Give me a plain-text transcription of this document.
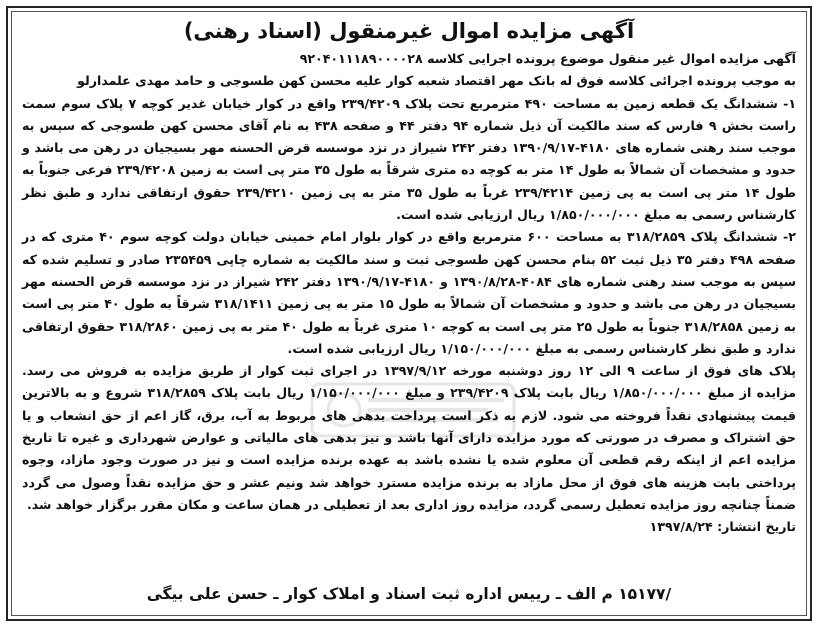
آگهی مزایده اموال غیرمنقول (اسناد رهنی)

آگهی مزایده اموال غیر منقول موضوع پرونده اجرایی کلاسه ۹۲۰۴۰۱۱۱۸۹۰۰۰۰۲۸

به موجب پرونده اجرائی کلاسه فوق له بانک مهر اقتصاد شعبه کوار علیه محسن کهن طسوجی و حامد مهدی علمدارلو

۱- ششدانگ یک قطعه زمین به مساحت ۴۹۰ مترمربع تحت پلاک ۲۳۹/۴۲۰۹ واقع در کوار خیابان غدیر کوچه ۷ پلاک سوم سمت راست بخش ۹ فارس که سند مالکیت آن ذیل شماره ۹۴ دفتر ۴۴ و صفحه ۴۳۸ به نام آقای محسن کهن طسوجی که سپس به موجب سند رهنی شماره های ۴۱۸۰-۱۳۹۰/۹/۱۷ دفتر ۲۴۲ شیراز در نزد موسسه قرض الحسنه مهر بسیجیان در رهن می باشد و حدود و مشخصات آن شمالاً به طول ۱۴ متر به کوچه ده متری شرقاً به طول ۳۵ متر پی است به زمین ۲۳۹/۴۲۰۸ فرعی جنوباً به طول ۱۴ متر پی است به پی زمین ۲۳۹/۴۲۱۴ غرباً به طول ۳۵ متر به پی زمین ۲۳۹/۴۲۱۰ حقوق ارتفاقی ندارد و طبق نظر کارشناس رسمی به مبلغ ۱/۸۵۰/۰۰۰/۰۰۰ ریال ارزیابی شده است.

۲- ششدانگ پلاک ۳۱۸/۲۸۵۹ به مساحت ۶۰۰ مترمربع واقع در کوار بلوار امام خمینی خیابان دولت کوچه سوم ۴۰ متری که در صفحه ۴۹۸ دفتر ۳۵ ذیل ثبت ۵۲ بنام محسن کهن طسوجی ثبت و سند مالکیت به شماره چاپی ۲۳۵۴۵۹ صادر و تسلیم شده که سپس به موجب سند رهنی شماره های ۴۰۸۴-۱۳۹۰/۸/۲۸ و ۴۱۸۰-۱۳۹۰/۹/۱۷ دفتر ۲۴۲ شیراز در نزد موسسه قرض الحسنه مهر بسیجیان در رهن می باشد و حدود و مشخصات آن شمالاً به طول ۱۵ متر به پی زمین ۳۱۸/۱۴۱۱ شرقاً به طول ۴۰ متر پی است به زمین ۳۱۸/۲۸۵۸ جنوباً به طول ۲۵ متر پی است به کوچه ۱۰ متری غرباً به طول ۴۰ متر به پی زمین ۳۱۸/۲۸۶۰ حقوق ارتفاقی ندارد و طبق نظر کارشناس رسمی به مبلغ ۱/۱۵۰/۰۰۰/۰۰۰ ریال ارزیابی شده است.

پلاک های فوق از ساعت ۹ الی ۱۲ روز دوشنبه مورخه ۱۳۹۷/۹/۱۲ در اجرای ثبت کوار از طریق مزایده به فروش می رسد. مزایده از مبلغ ۱/۸۵۰/۰۰۰/۰۰۰ ریال بابت پلاک ۲۳۹/۴۲۰۹ و مبلغ ۱/۱۵۰/۰۰۰/۰۰۰ ریال بابت پلاک ۳۱۸/۲۸۵۹ شروع و به بالاترین قیمت پیشنهادی نقداً فروخته می شود. لازم به ذکر است پرداخت بدهی های مربوط به آب، برق، گاز اعم از حق انشعاب و یا حق اشتراک و مصرف در صورتی که مورد مزایده دارای آنها باشد و نیز بدهی های مالیاتی و عوارض شهرداری و غیره تا تاریخ مزایده اعم از اینکه رقم قطعی آن معلوم شده یا نشده باشد به عهده برنده مزایده است و نیز در صورت وجود مازاد، وجوه پرداختی بابت هزینه های فوق از محل مازاد به برنده مزایده مسترد خواهد شد ونیم عشر و حق مزایده نقداً وصول می گردد ضمناً چنانچه روز مزایده تعطیل رسمی گردد، مزایده روز اداری بعد از تعطیلی در همان ساعت و مکان مقرر برگزار خواهد شد.

تاریخ انتشار: ۱۳۹۷/۸/۲۴

/۱۵۱۷۷ م الف ـ رییس اداره ثبت اسناد و املاک کوار ـ حسن علی بیگی
